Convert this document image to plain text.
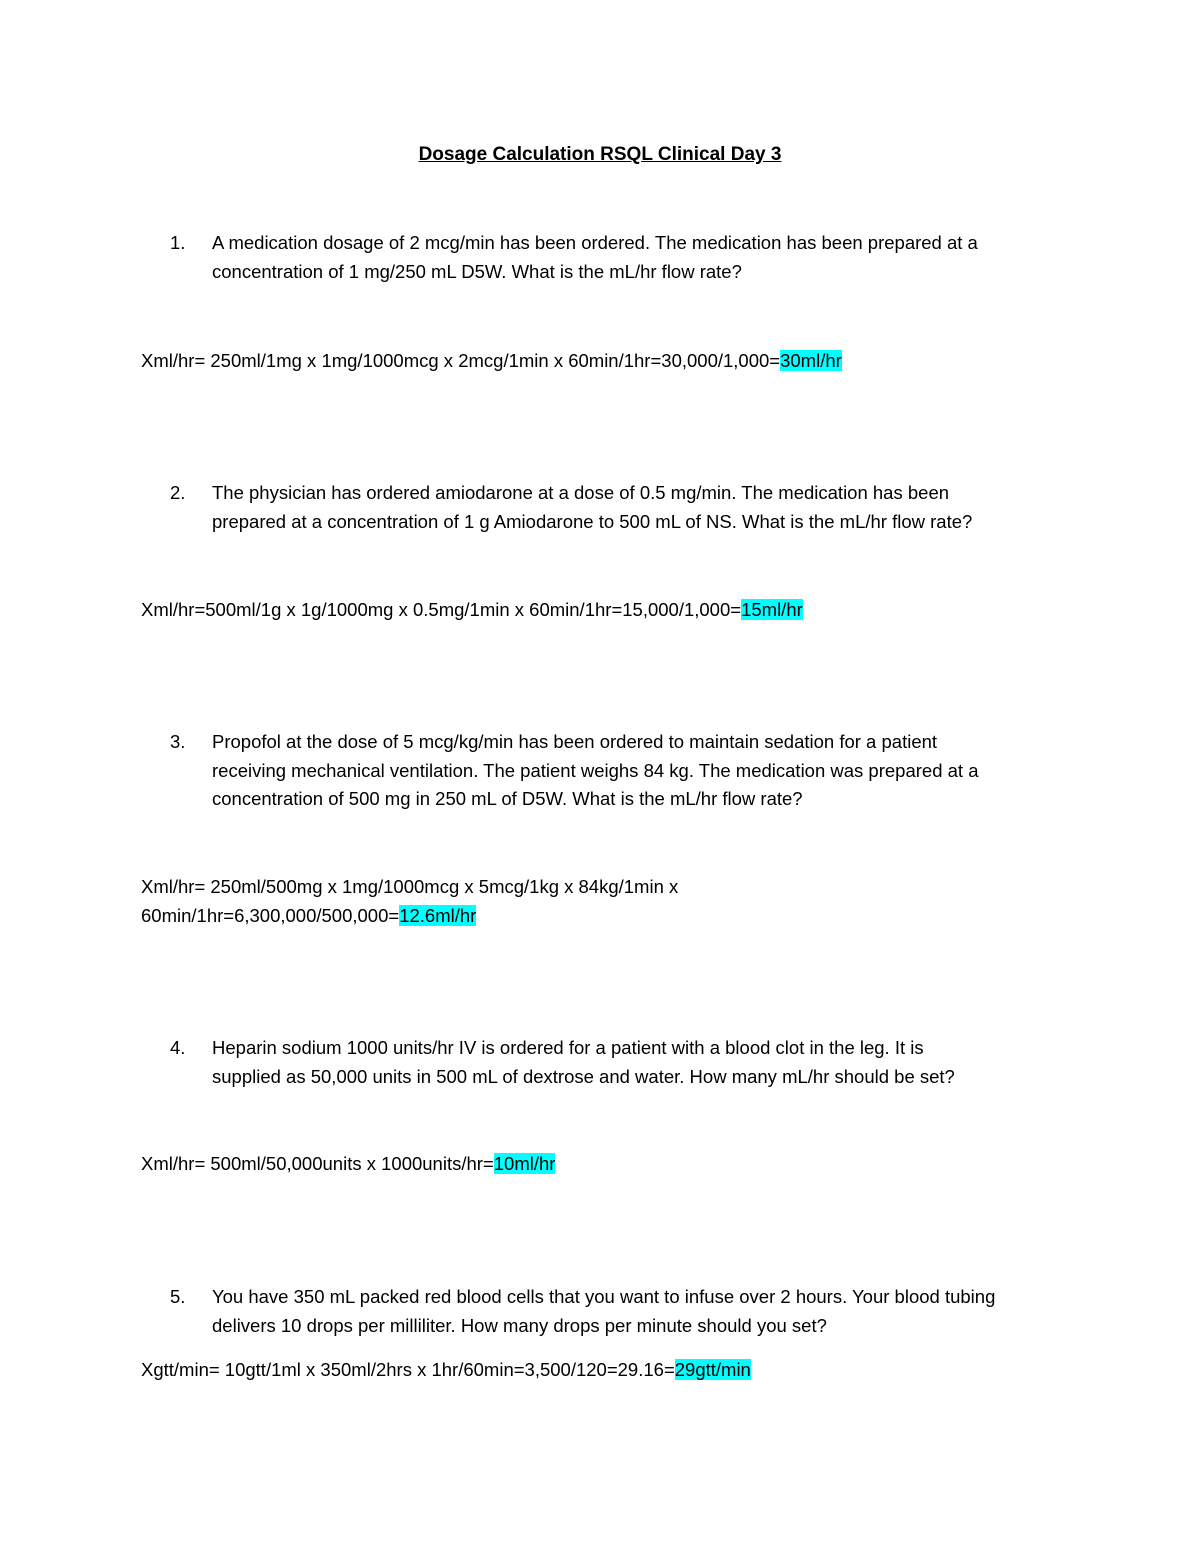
Dosage Calculation RSQL Clinical Day 3
1.	A medication dosage of 2 mcg/min has been ordered. The medication has been prepared at a
concentration of 1 mg/250 mL D5W. What is the mL/hr flow rate?
Xml/hr= 250ml/1mg x 1mg/1000mcg x 2mcg/1min x 60min/1hr=30,000/1,000=30ml/hr
2.	The physician has ordered amiodarone at a dose of 0.5 mg/min. The medication has been
prepared at a concentration of 1 g Amiodarone to 500 mL of NS. What is the mL/hr flow rate?
Xml/hr=500ml/1g x 1g/1000mg x 0.5mg/1min x 60min/1hr=15,000/1,000=15ml/hr
3.	Propofol at the dose of 5 mcg/kg/min has been ordered to maintain sedation for a patient
receiving mechanical ventilation. The patient weighs 84 kg. The medication was prepared at a
concentration of 500 mg in 250 mL of D5W. What is the mL/hr flow rate?
Xml/hr= 250ml/500mg x 1mg/1000mcg x 5mcg/1kg x 84kg/1min x
60min/1hr=6,300,000/500,000=12.6ml/hr
4.	Heparin sodium 1000 units/hr IV is ordered for a patient with a blood clot in the leg. It is
supplied as 50,000 units in 500 mL of dextrose and water. How many mL/hr should be set?
Xml/hr= 500ml/50,000units x 1000units/hr=10ml/hr
5.	You have 350 mL packed red blood cells that you want to infuse over 2 hours. Your blood tubing
delivers 10 drops per milliliter. How many drops per minute should you set?
Xgtt/min= 10gtt/1ml x 350ml/2hrs x 1hr/60min=3,500/120=29.16=29gtt/min
